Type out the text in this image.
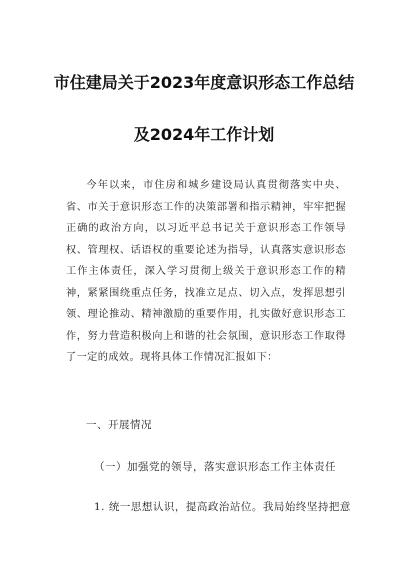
市住建局关于2023年度意识形态工作总结
及2024年工作计划

今年以来，市住房和城乡建设局认真贯彻落实中央、省、市关于意识形态工作的决策部署和指示精神，牢牢把握正确的政治方向，以习近平总书记关于意识形态工作领导权、管理权、话语权的重要论述为指导，认真落实意识形态工作主体责任，深入学习贯彻上级关于意识形态工作的精神，紧紧围绕重点任务，找准立足点、切入点，发挥思想引领、理论推动、精神激励的重要作用，扎实做好意识形态工作，努力营造积极向上和谐的社会氛围，意识形态工作取得了一定的成效。现将具体工作情况汇报如下：

一、开展情况
（一）加强党的领导，落实意识形态工作主体责任
1. 统一思想认识，提高政治站位。我局始终坚持把意
